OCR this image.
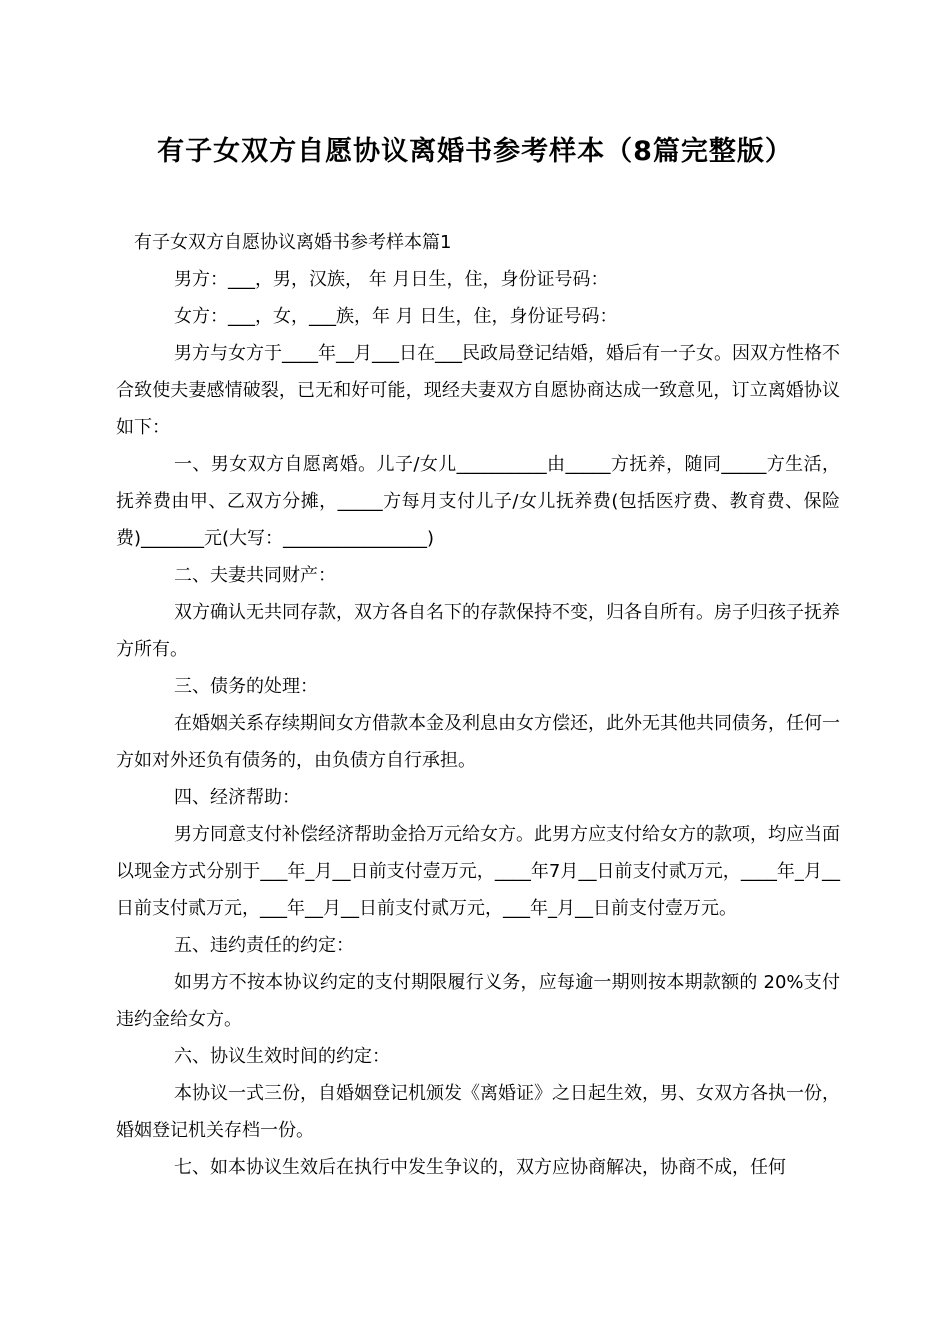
有子女双方自愿协议离婚书参考样本（8篇完整版）

有子女双方自愿协议离婚书参考样本篇1

男方：___，男，汉族， 年 月日生，住，身份证号码：

女方：___，女，___族，年 月 日生，住，身份证号码：

男方与女方于____年__月___日在___民政局登记结婚，婚后有一子女。因双方性格不合致使夫妻感情破裂，已无和好可能，现经夫妻双方自愿协商达成一致意见，订立离婚协议如下：

一、男女双方自愿离婚。儿子/女儿__________由_____方抚养，随同_____方生活，抚养费由甲、乙双方分摊，_____方每月支付儿子/女儿抚养费(包括医疗费、教育费、保险费)_______元(大写：________________)

二、夫妻共同财产：

双方确认无共同存款，双方各自名下的存款保持不变，归各自所有。房子归孩子抚养方所有。

三、债务的处理：

在婚姻关系存续期间女方借款本金及利息由女方偿还，此外无其他共同债务，任何一方如对外还负有债务的，由负债方自行承担。

四、经济帮助：

男方同意支付补偿经济帮助金拾万元给女方。此男方应支付给女方的款项，均应当面以现金方式分别于___年_月__日前支付壹万元，____年7月__日前支付贰万元，____年_月__日前支付贰万元，___年__月__日前支付贰万元，___年_月__日前支付壹万元。

五、违约责任的约定：

如男方不按本协议约定的支付期限履行义务，应每逾一期则按本期款额的 20%支付违约金给女方。

六、协议生效时间的约定：

本协议一式三份，自婚姻登记机颁发《离婚证》之日起生效，男、女双方各执一份，婚姻登记机关存档一份。

七、如本协议生效后在执行中发生争议的，双方应协商解决，协商不成，任何
